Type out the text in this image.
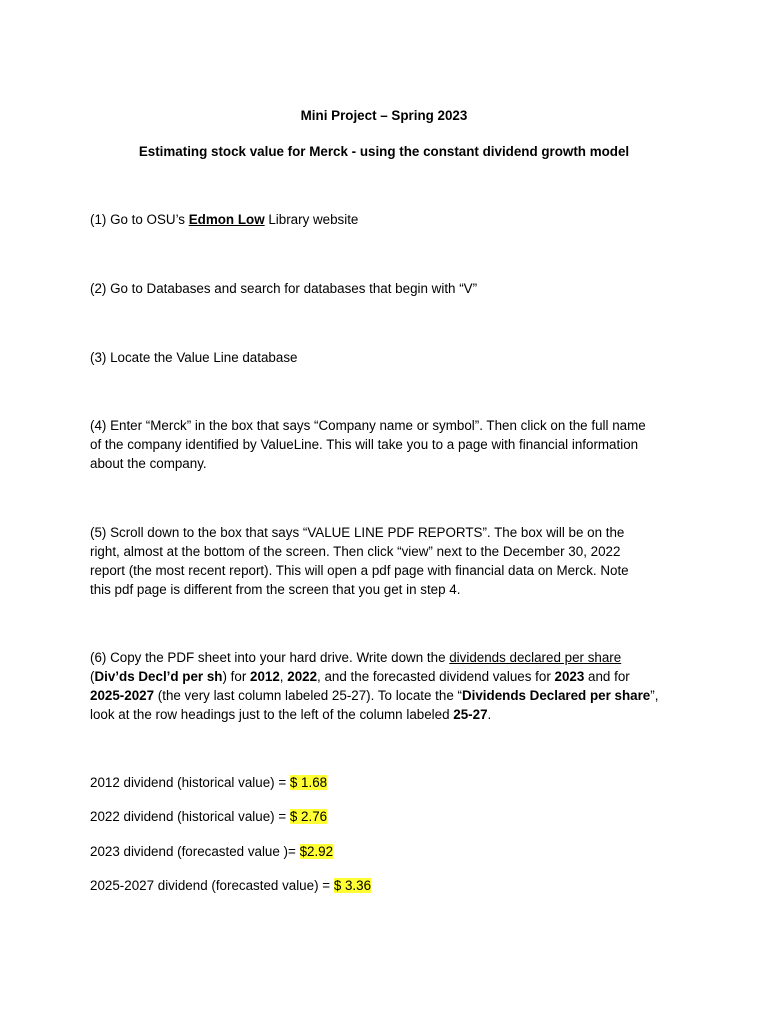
Mini Project – Spring 2023
Estimating stock value for Merck - using the constant dividend growth model
(1) Go to OSU’s Edmon Low Library website
(2) Go to Databases and search for databases that begin with “V”
(3) Locate the Value Line database
(4) Enter “Merck” in the box that says “Company name or symbol”. Then click on the full name
of the company identified by ValueLine. This will take you to a page with financial information
about the company.
(5) Scroll down to the box that says “VALUE LINE PDF REPORTS”. The box will be on the
right, almost at the bottom of the screen. Then click “view” next to the December 30, 2022
report (the most recent report). This will open a pdf page with financial data on Merck. Note
this pdf page is different from the screen that you get in step 4.
(6) Copy the PDF sheet into your hard drive. Write down the dividends declared per share
(Div’ds Decl’d per sh) for 2012, 2022, and the forecasted dividend values for 2023 and for
2025-2027 (the very last column labeled 25-27). To locate the “Dividends Declared per share”,
look at the row headings just to the left of the column labeled 25-27.
2012 dividend (historical value) = $ 1.68
2022 dividend (historical value) = $ 2.76
2023 dividend (forecasted value )= $2.92
2025-2027 dividend (forecasted value) = $ 3.36
